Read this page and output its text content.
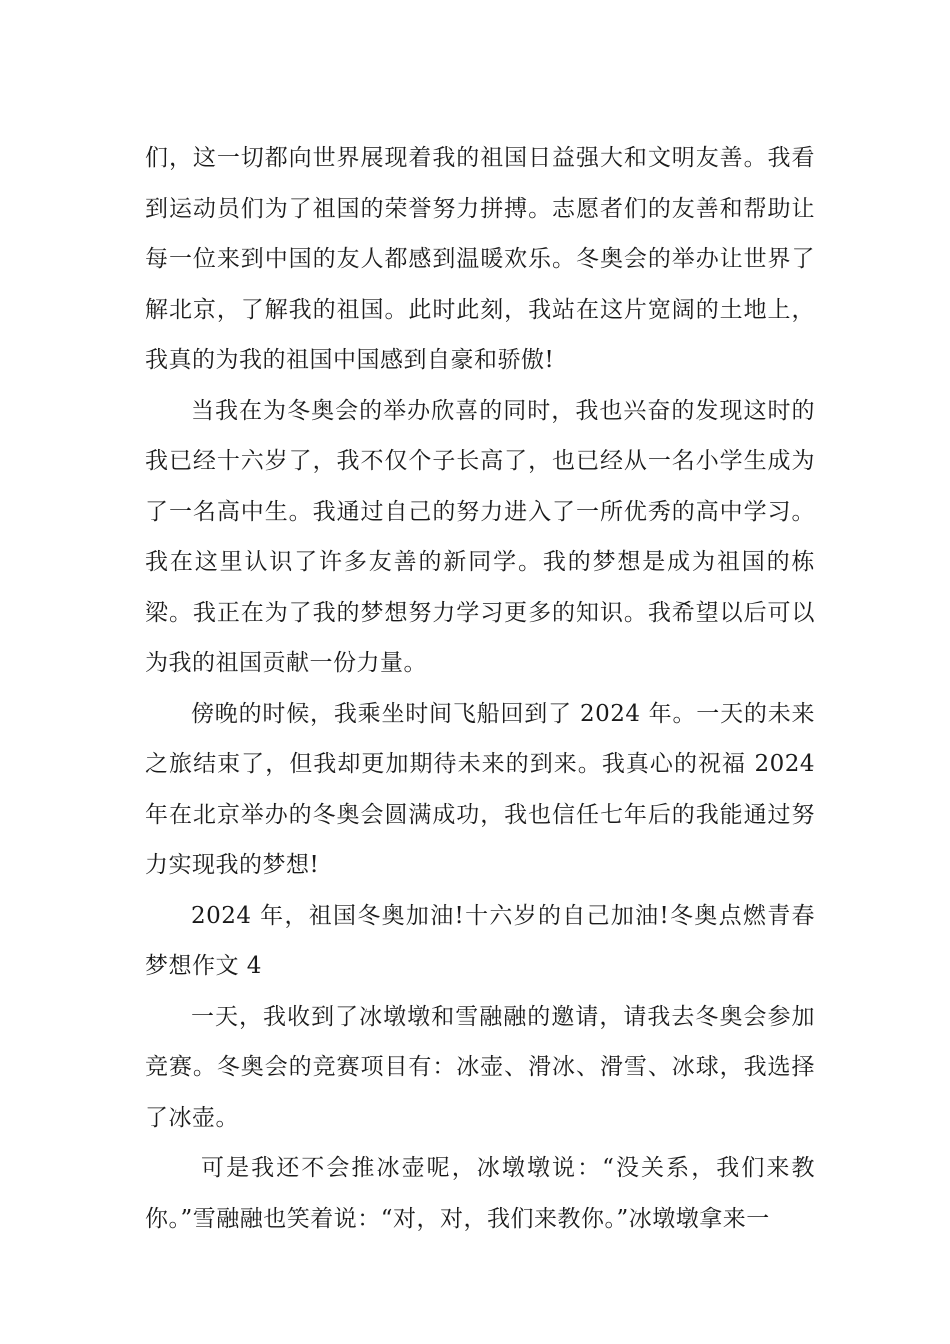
们，这一切都向世界展现着我的祖国日益强大和文明友善。我看到运动员们为了祖国的荣誉努力拼搏。志愿者们的友善和帮助让每一位来到中国的友人都感到温暖欢乐。冬奥会的举办让世界了解北京，了解我的祖国。此时此刻，我站在这片宽阔的土地上，我真的为我的祖国中国感到自豪和骄傲!

当我在为冬奥会的举办欣喜的同时，我也兴奋的发现这时的我已经十六岁了，我不仅个子长高了，也已经从一名小学生成为了一名高中生。我通过自己的努力进入了一所优秀的高中学习。我在这里认识了许多友善的新同学。我的梦想是成为祖国的栋梁。我正在为了我的梦想努力学习更多的知识。我希望以后可以为我的祖国贡献一份力量。

傍晚的时候，我乘坐时间飞船回到了 2024 年。一天的未来之旅结束了，但我却更加期待未来的到来。我真心的祝福 2024 年在北京举办的冬奥会圆满成功，我也信任七年后的我能通过努力实现我的梦想!

2024 年，祖国冬奥加油!十六岁的自己加油!冬奥点燃青春梦想作文 4

一天，我收到了冰墩墩和雪融融的邀请，请我去冬奥会参加竞赛。冬奥会的竞赛项目有：冰壶、滑冰、滑雪、冰球，我选择了冰壶。

可是我还不会推冰壶呢，冰墩墩说：“没关系，我们来教你。”雪融融也笑着说：“对，对，我们来教你。”冰墩墩拿来一
